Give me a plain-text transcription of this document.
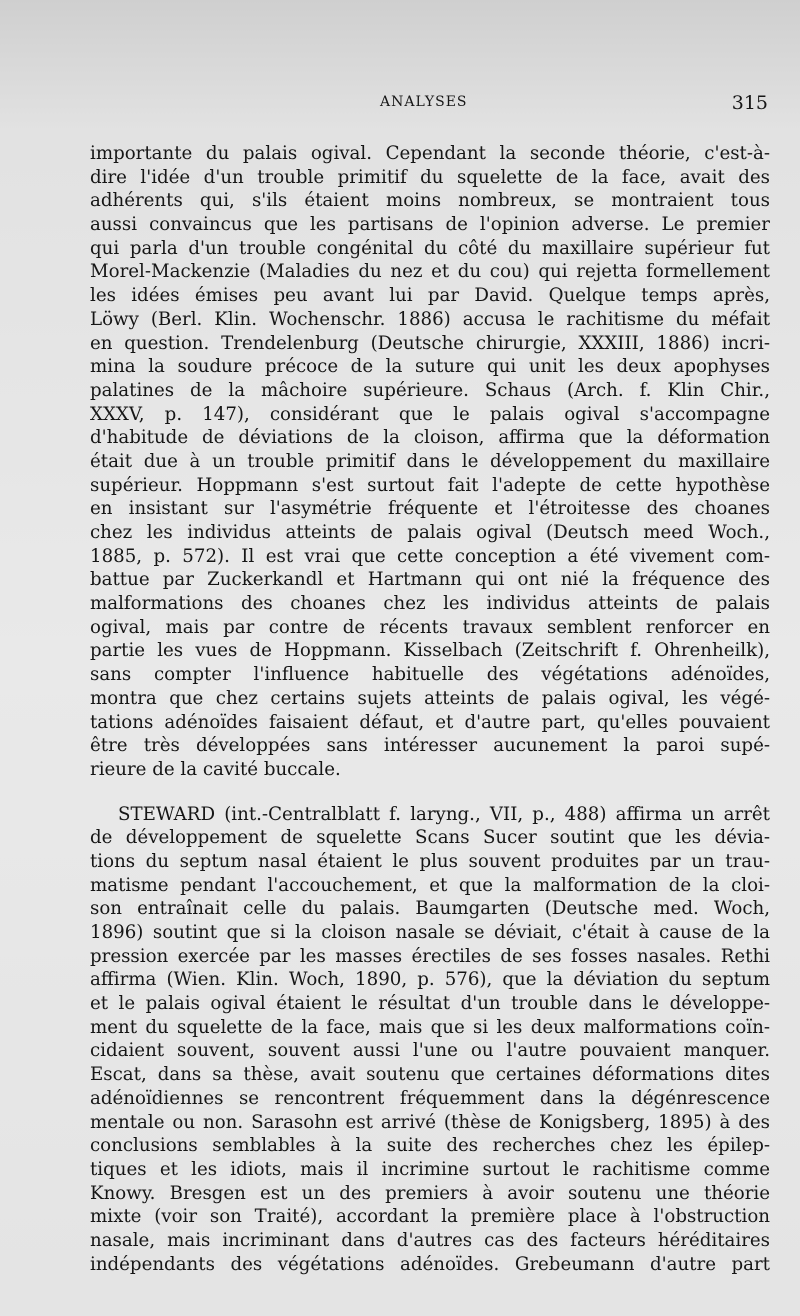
ANALYSES	315
importante du palais ogival. Cependant la seconde théorie, c'est-à-
dire l'idée d'un trouble primitif du squelette de la face, avait des
adhérents qui, s'ils étaient moins nombreux, se montraient tous
aussi convaincus que les partisans de l'opinion adverse. Le premier
qui parla d'un trouble congénital du côté du maxillaire supérieur fut
Morel-Mackenzie (Maladies du nez et du cou) qui rejetta formellement
les idées émises peu avant lui par David. Quelque temps après,
Löwy (Berl. Klin. Wochenschr. 1886) accusa le rachitisme du méfait
en question. Trendelenburg (Deutsche chirurgie, XXXIII, 1886) incri-
mina la soudure précoce de la suture qui unit les deux apophyses
palatines de la mâchoire supérieure. Schaus (Arch. f. Klin Chir.,
XXXV, p. 147), considérant que le palais ogival s'accompagne
d'habitude de déviations de la cloison, affirma que la déformation
était due à un trouble primitif dans le développement du maxillaire
supérieur. Hoppmann s'est surtout fait l'adepte de cette hypothèse
en insistant sur l'asymétrie fréquente et l'étroitesse des choanes
chez les individus atteints de palais ogival (Deutsch meed Woch.,
1885, p. 572). Il est vrai que cette conception a été vivement com-
battue par Zuckerkandl et Hartmann qui ont nié la fréquence des
malformations des choanes chez les individus atteints de palais
ogival, mais par contre de récents travaux semblent renforcer en
partie les vues de Hoppmann. Kisselbach (Zeitschrift f. Ohrenheilk),
sans compter l'influence habituelle des végétations adénoïdes,
montra que chez certains sujets atteints de palais ogival, les végé-
tations adénoïdes faisaient défaut, et d'autre part, qu'elles pouvaient
être très développées sans intéresser aucunement la paroi supé-
rieure de la cavité buccale.
STEWARD (int.-Centralblatt f. laryng., VII, p., 488) affirma un arrêt
de développement de squelette Scans Sucer soutint que les dévia-
tions du septum nasal étaient le plus souvent produites par un trau-
matisme pendant l'accouchement, et que la malformation de la cloi-
son entraînait celle du palais. Baumgarten (Deutsche med. Woch,
1896) soutint que si la cloison nasale se déviait, c'était à cause de la
pression exercée par les masses érectiles de ses fosses nasales. Rethi
affirma (Wien. Klin. Woch, 1890, p. 576), que la déviation du septum
et le palais ogival étaient le résultat d'un trouble dans le développe-
ment du squelette de la face, mais que si les deux malformations coïn-
cidaient souvent, souvent aussi l'une ou l'autre pouvaient manquer.
Escat, dans sa thèse, avait soutenu que certaines déformations dites
adénoïdiennes se rencontrent fréquemment dans la dégénrescence
mentale ou non. Sarasohn est arrivé (thèse de Konigsberg, 1895) à des
conclusions semblables à la suite des recherches chez les épilep-
tiques et les idiots, mais il incrimine surtout le rachitisme comme
Knowy. Bresgen est un des premiers à avoir soutenu une théorie
mixte (voir son Traité), accordant la première place à l'obstruction
nasale, mais incriminant dans d'autres cas des facteurs héréditaires
indépendants des végétations adénoïdes. Grebeumann d'autre part
